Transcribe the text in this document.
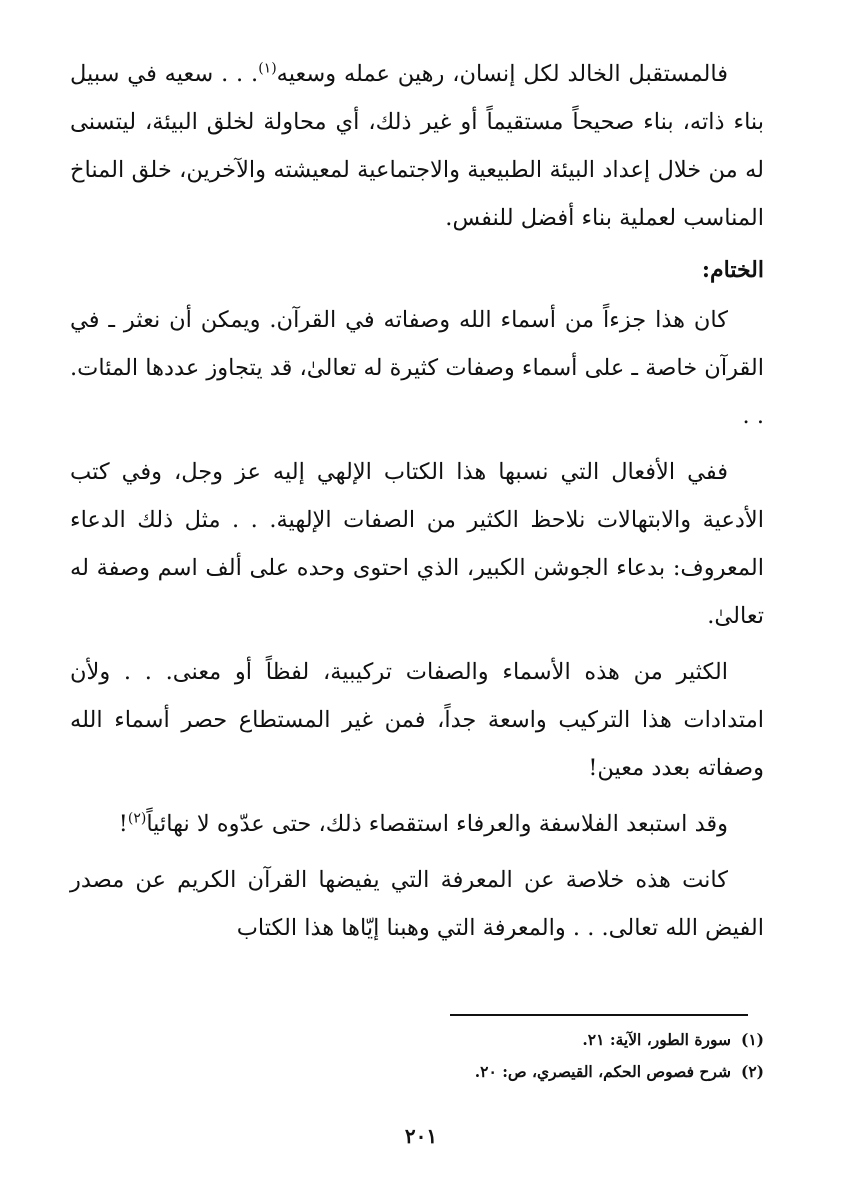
فالمستقبل الخالد لكل إنسان، رهين عمله وسعيه$^{(١)}$. . . سعيه في سبيل بناء ذاته، بناء صحيحاً مستقيماً أو غير ذلك، أي محاولة لخلق البيئة، ليتسنى له من خلال إعداد البيئة الطبيعية والاجتماعية لمعيشته والآخرين، خلق المناخ المناسب لعملية بناء أفضل للنفس.

الختام:

كان هذا جزءاً من أسماء الله وصفاته في القرآن. ويمكن أن نعثر ـ في القرآن خاصة ـ على أسماء وصفات كثيرة له تعالىٰ، قد يتجاوز عددها المئات. . .

ففي الأفعال التي نسبها هذا الكتاب الإلهي إليه عز وجل، وفي كتب الأدعية والابتهالات نلاحظ الكثير من الصفات الإلهية. . . مثل ذلك الدعاء المعروف: بدعاء الجوشن الكبير، الذي احتوى وحده على ألف اسم وصفة له تعالىٰ.

الكثير من هذه الأسماء والصفات تركيبية، لفظاً أو معنى. . . ولأن امتدادات هذا التركيب واسعة جداً، فمن غير المستطاع حصر أسماء الله وصفاته بعدد معين!

وقد استبعد الفلاسفة والعرفاء استقصاء ذلك، حتى عدّوه لا نهائياً$^{(٢)}$!

كانت هذه خلاصة عن المعرفة التي يفيضها القرآن الكريم عن مصدر الفيض الله تعالى. . . والمعرفة التي وهبنا إيّاها هذا الكتاب

(١)سورة الطور، الآية: ٢١.

(٢)شرح فصوص الحكم، القيصري، ص: ٢٠.

٢٠١
